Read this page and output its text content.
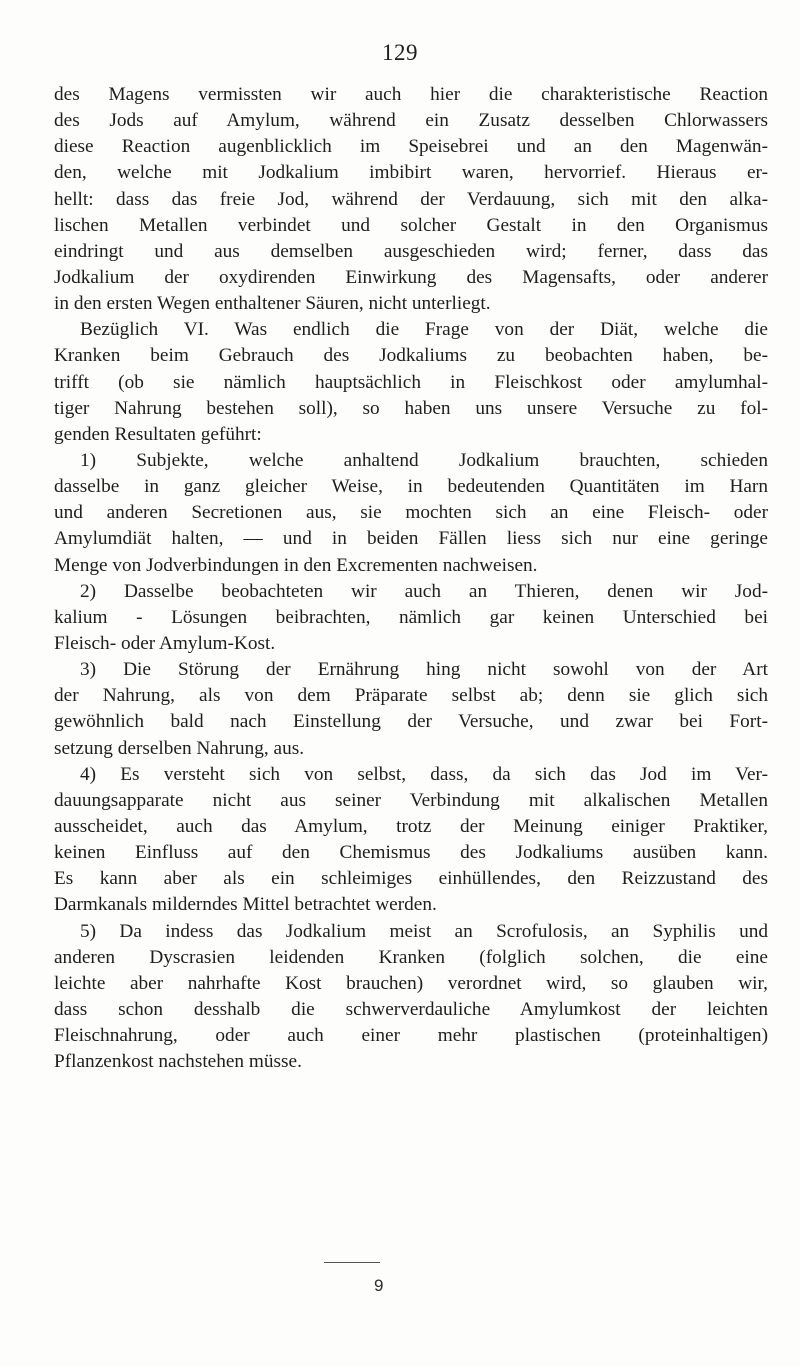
129
des Magens vermissten wir auch hier die charakteristische Reaction
des Jods auf Amylum, während ein Zusatz desselben Chlorwassers
diese Reaction augenblicklich im Speisebrei und an den Magenwän-
den, welche mit Jodkalium imbibirt waren, hervorrief. Hieraus er-
hellt: dass das freie Jod, während der Verdauung, sich mit den alka-
lischen Metallen verbindet und solcher Gestalt in den Organismus
eindringt und aus demselben ausgeschieden wird; ferner, dass das
Jodkalium der oxydirenden Einwirkung des Magensafts, oder anderer
in den ersten Wegen enthaltener Säuren, nicht unterliegt.
Bezüglich VI. Was endlich die Frage von der Diät, welche die
Kranken beim Gebrauch des Jodkaliums zu beobachten haben, be-
trifft (ob sie nämlich hauptsächlich in Fleischkost oder amylumhal-
tiger Nahrung bestehen soll), so haben uns unsere Versuche zu fol-
genden Resultaten geführt:
1) Subjekte, welche anhaltend Jodkalium brauchten, schieden
dasselbe in ganz gleicher Weise, in bedeutenden Quantitäten im Harn
und anderen Secretionen aus, sie mochten sich an eine Fleisch- oder
Amylumdiät halten, — und in beiden Fällen liess sich nur eine geringe
Menge von Jodverbindungen in den Excrementen nachweisen.
2) Dasselbe beobachteten wir auch an Thieren, denen wir Jod-
kalium - Lösungen beibrachten, nämlich gar keinen Unterschied bei
Fleisch- oder Amylum-Kost.
3) Die Störung der Ernährung hing nicht sowohl von der Art
der Nahrung, als von dem Präparate selbst ab; denn sie glich sich
gewöhnlich bald nach Einstellung der Versuche, und zwar bei Fort-
setzung derselben Nahrung, aus.
4) Es versteht sich von selbst, dass, da sich das Jod im Ver-
dauungsapparate nicht aus seiner Verbindung mit alkalischen Metallen
ausscheidet, auch das Amylum, trotz der Meinung einiger Praktiker,
keinen Einfluss auf den Chemismus des Jodkaliums ausüben kann.
Es kann aber als ein schleimiges einhüllendes, den Reizzustand des
Darmkanals milderndes Mittel betrachtet werden.
5) Da indess das Jodkalium meist an Scrofulosis, an Syphilis und
anderen Dyscrasien leidenden Kranken (folglich solchen, die eine
leichte aber nahrhafte Kost brauchen) verordnet wird, so glauben wir,
dass schon desshalb die schwerverdauliche Amylumkost der leichten
Fleischnahrung, oder auch einer mehr plastischen (proteinhaltigen)
Pflanzenkost nachstehen müsse.
9
